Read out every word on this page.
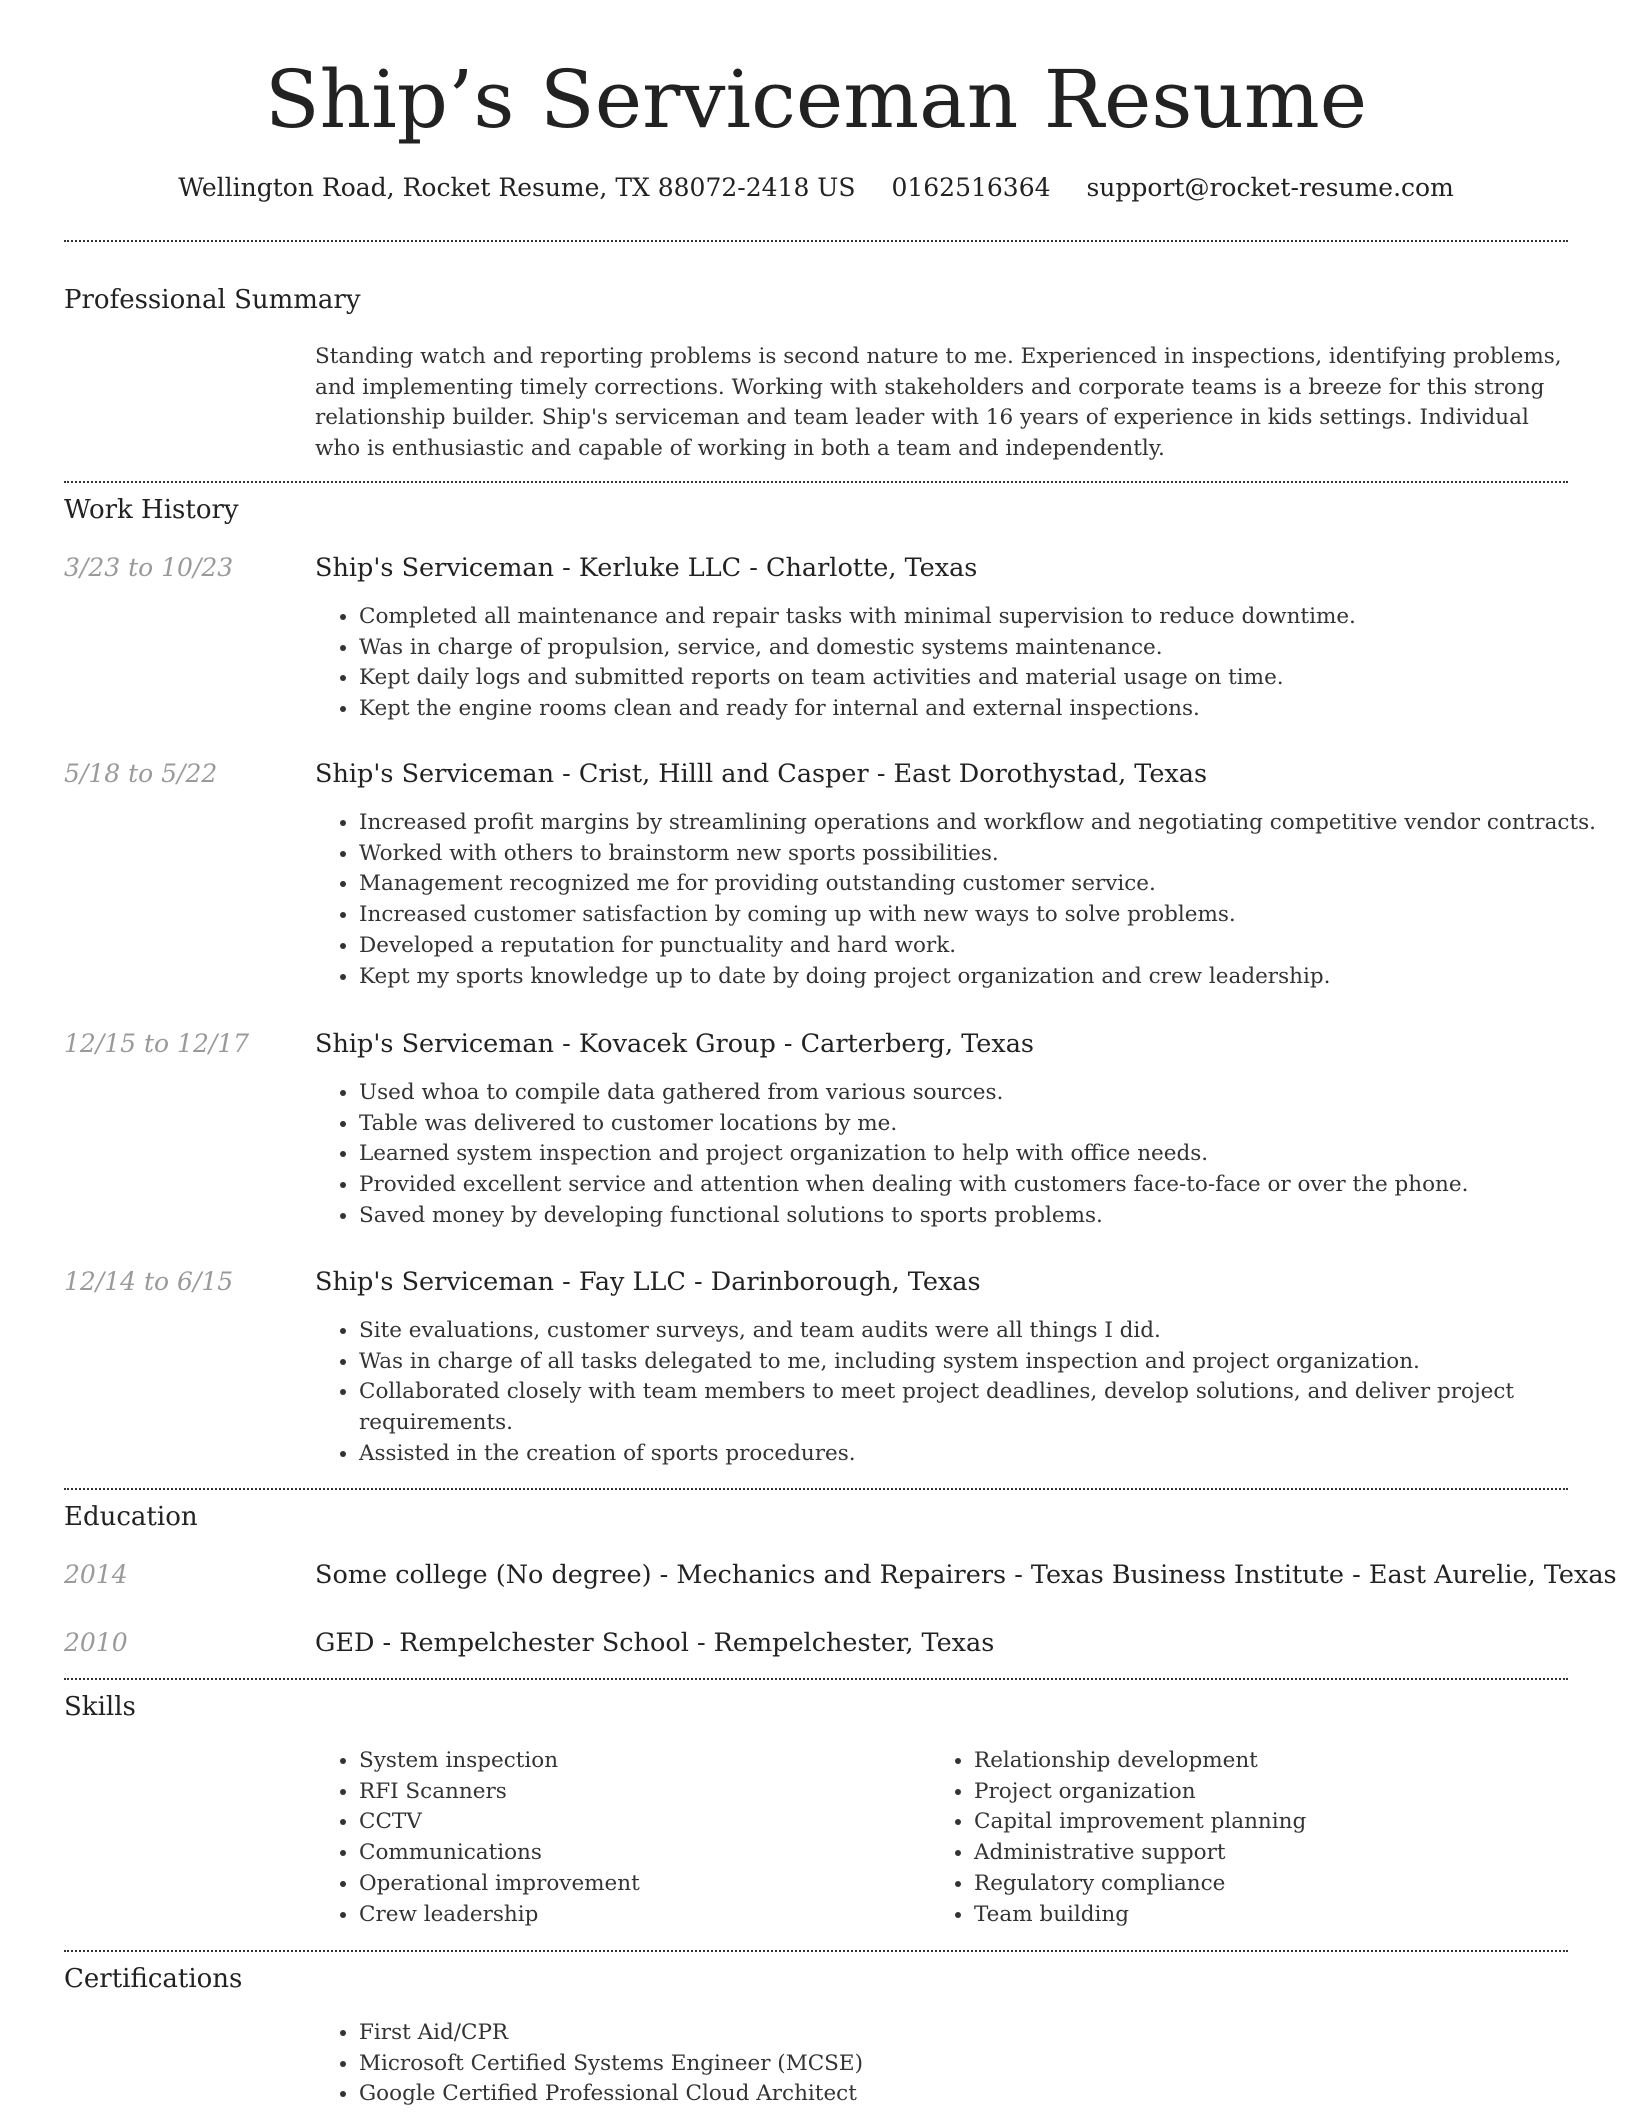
Ship’s Serviceman Resume
Wellington Road, Rocket Resume, TX 88072-2418 US 0162516364 support@rocket-resume.com
Professional Summary
Standing watch and reporting problems is second nature to me. Experienced in inspections, identifying problems, and implementing timely corrections. Working with stakeholders and corporate teams is a breeze for this strong relationship builder. Ship's serviceman and team leader with 16 years of experience in kids settings. Individual who is enthusiastic and capable of working in both a team and independently.
Work History
3/23 to 10/23	Ship's Serviceman - Kerluke LLC - Charlotte, Texas
• Completed all maintenance and repair tasks with minimal supervision to reduce downtime.
• Was in charge of propulsion, service, and domestic systems maintenance.
• Kept daily logs and submitted reports on team activities and material usage on time.
• Kept the engine rooms clean and ready for internal and external inspections.
5/18 to 5/22	Ship's Serviceman - Crist, Hilll and Casper - East Dorothystad, Texas
• Increased profit margins by streamlining operations and workflow and negotiating competitive vendor contracts.
• Worked with others to brainstorm new sports possibilities.
• Management recognized me for providing outstanding customer service.
• Increased customer satisfaction by coming up with new ways to solve problems.
• Developed a reputation for punctuality and hard work.
• Kept my sports knowledge up to date by doing project organization and crew leadership.
12/15 to 12/17	Ship's Serviceman - Kovacek Group - Carterberg, Texas
• Used whoa to compile data gathered from various sources.
• Table was delivered to customer locations by me.
• Learned system inspection and project organization to help with office needs.
• Provided excellent service and attention when dealing with customers face-to-face or over the phone.
• Saved money by developing functional solutions to sports problems.
12/14 to 6/15	Ship's Serviceman - Fay LLC - Darinborough, Texas
• Site evaluations, customer surveys, and team audits were all things I did.
• Was in charge of all tasks delegated to me, including system inspection and project organization.
• Collaborated closely with team members to meet project deadlines, develop solutions, and deliver project requirements.
• Assisted in the creation of sports procedures.
Education
2014	Some college (No degree) - Mechanics and Repairers - Texas Business Institute - East Aurelie, Texas
2010	GED - Rempelchester School - Rempelchester, Texas
Skills
• System inspection
• RFI Scanners
• CCTV
• Communications
• Operational improvement
• Crew leadership
• Relationship development
• Project organization
• Capital improvement planning
• Administrative support
• Regulatory compliance
• Team building
Certifications
• First Aid/CPR
• Microsoft Certified Systems Engineer (MCSE)
• Google Certified Professional Cloud Architect
